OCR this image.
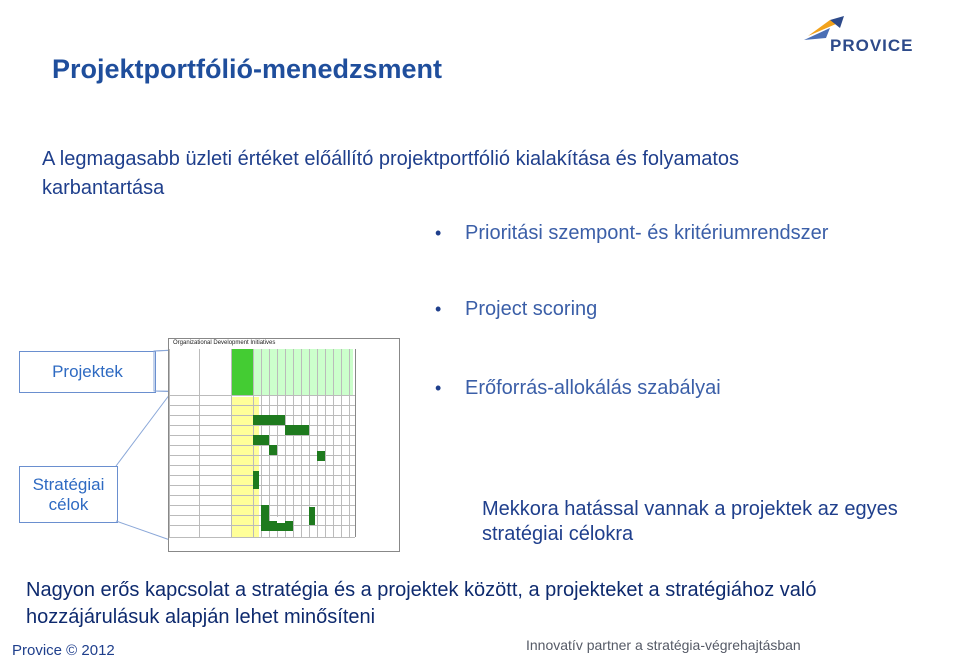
PROVICE
Projektportfólió-menedzsment
A legmagasabb üzleti értéket előállító projektportfólió kialakítása és folyamatos karbantartása
• Prioritási szempont- és kritériumrendszer
• Project scoring
• Erőforrás-allokálás szabályai
Projektek
Stratégiai célok
Organizational Development Initiatives
Mekkora hatással vannak a projektek az egyes stratégiai célokra
Nagyon erős kapcsolat a stratégia és a projektek között, a projekteket a stratégiához való hozzájárulásuk alapján lehet minősíteni
Provice © 2012	Innovatív partner a stratégia-végrehajtásban
